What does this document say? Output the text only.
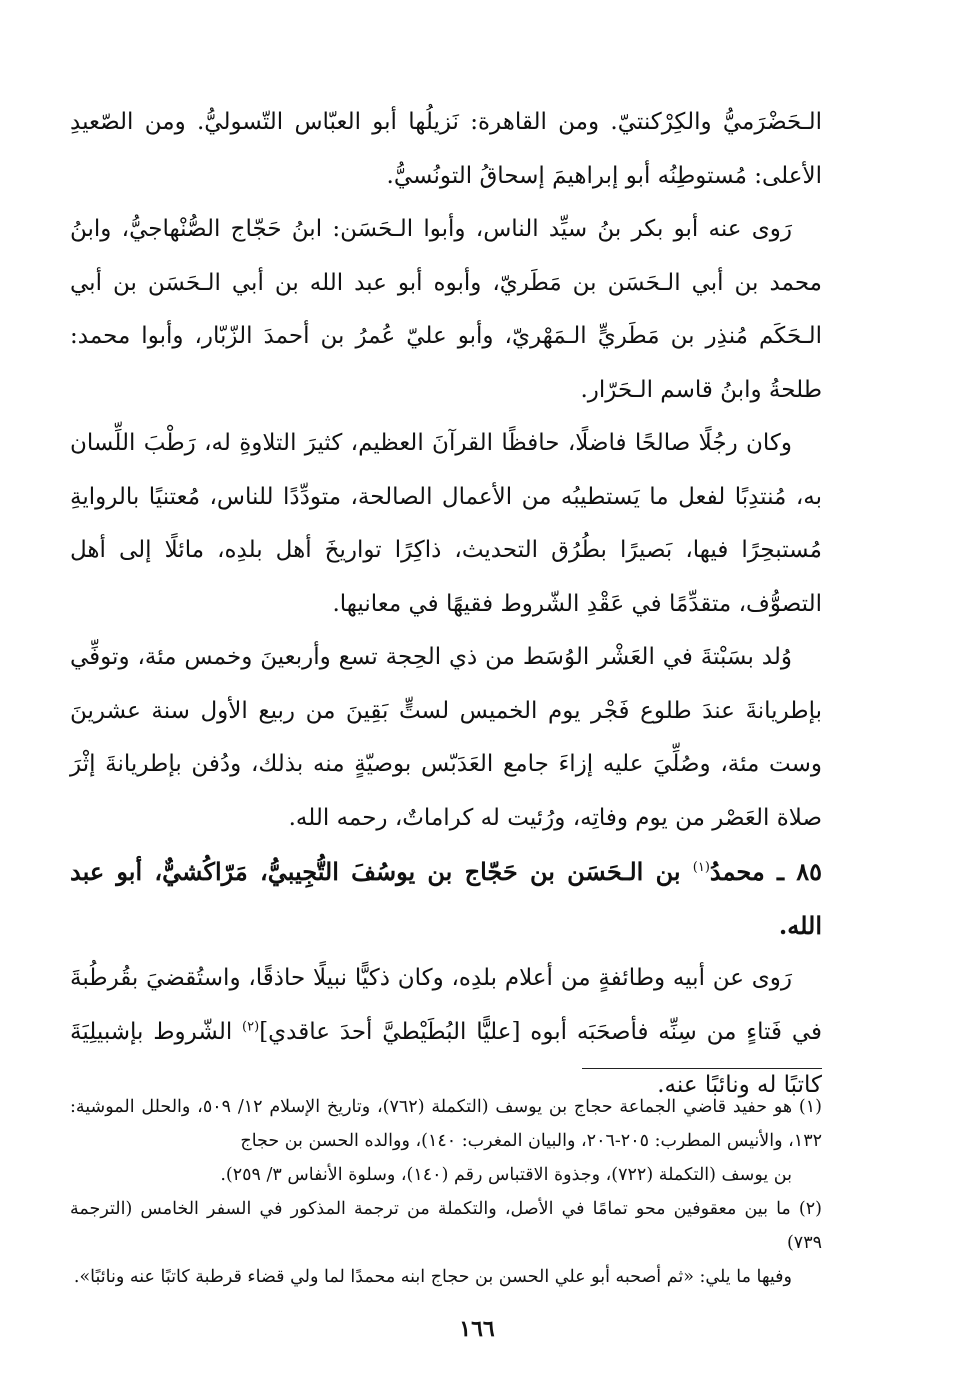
الـحَضْرَميُّ والكِرْكنتيّ. ومن القاهرة: نَزيلُها أبو العبّاس التّسوليُّ. ومن الصّعيدِ الأعلى: مُستوطِنُه أبو إبراهيمَ إسحاقُ التونُسيُّ.

رَوى عنه أبو بكر بنُ سيِّد الناس، وأبوا الـحَسَن: ابنُ حَجّاج الصُّنْهاجيُّ، وابنُ محمد بن أبي الـحَسَن بن مَطَريّ، وأبوه أبو عبد الله بن أبي الـحَسَن بن أبي الـحَكَم مُنذِر بن مَطَريٍّ الـمَهْريّ، وأبو عليّ عُمرُ بن أحمدَ الزّبّار، وأبوا محمد: طلحةُ وابنُ قاسم الـحَرّار.

وكان رجُلًا صالحًا فاضلًا، حافظًا القرآنَ العظيم، كثيرَ التلاوةِ له، رَطْبَ اللِّسان به، مُنتدِبًا لفعل ما يَستطيبُه من الأعمال الصالحة، متودِّدًا للناس، مُعتنيًا بالروايةِ مُستبحِرًا فيها، بَصيرًا بطُرُق التحديث، ذاكِرًا تواريخَ أهل بلدِه، مائلًا إلى أهل التصوُّف، متقدِّمًا في عَقْدِ الشّروط فقيهًا في معانيها.

وُلد بسَبْتةَ في العَشْر الوُسَط من ذي الحِجة تسع وأربعينَ وخمس مئة، وتوفِّي بإطريانةَ عندَ طلوع فَجْر يوم الخميس لستٍّ بَقِينَ من ربيع الأول سنة عشرينَ وست مئة، وصُلِّيَ عليه إزاءَ جامع العَدَبّس بوصيّةٍ منه بذلك، ودُفن بإطريانةَ إثْرَ صلاة العَصْر من يوم وفاتِه، ورُئيت له كراماتٌ، رحمه الله.

٨٥ ـ محمدُ$^{(١)}$ بن الـحَسَن بن حَجّاج بن يوسُفَ التُّجِيبيُّ، مَرّاكُشيٌّ، أبو عبد الله.

رَوى عن أبيه وطائفةٍ من أعلام بلدِه، وكان ذكيًّا نبيلًا حاذقًا، واستُقضيَ بقُرطُبةَ في فَتاءٍ من سِنِّه فأصحَبَه أبوه [عليًّا البُطَيْطيَّ أحدَ عاقدي]$^{(٢)}$ الشّروط بإشبيلِيَةَ كاتبًا له ونائبًا عنه.

(١) هو حفيد قاضي الجماعة حجاج بن يوسف (التكملة (٧٦٢)، وتاريخ الإسلام ١٢/ ٥٠٩، والحلل الموشية: ١٣٢، والأنيس المطرب: ٢٠٥-٢٠٦، والبيان المغرب: ١٤٠)، ووالده الحسن بن حجاج
بن يوسف (التكملة (٧٢٢)، وجذوة الاقتباس رقم (١٤٠)، وسلوة الأنفاس ٣/ ٢٥٩).

(٢) ما بين معقوفين محو تمامًا في الأصل، والتكملة من ترجمة المذكور في السفر الخامس (الترجمة ٧٣٩)
وفيها ما يلي: «ثم أصحبه أبو علي الحسن بن حجاج ابنه محمدًا لما ولي قضاء قرطبة كاتبًا عنه ونائبًا».

١٦٦
